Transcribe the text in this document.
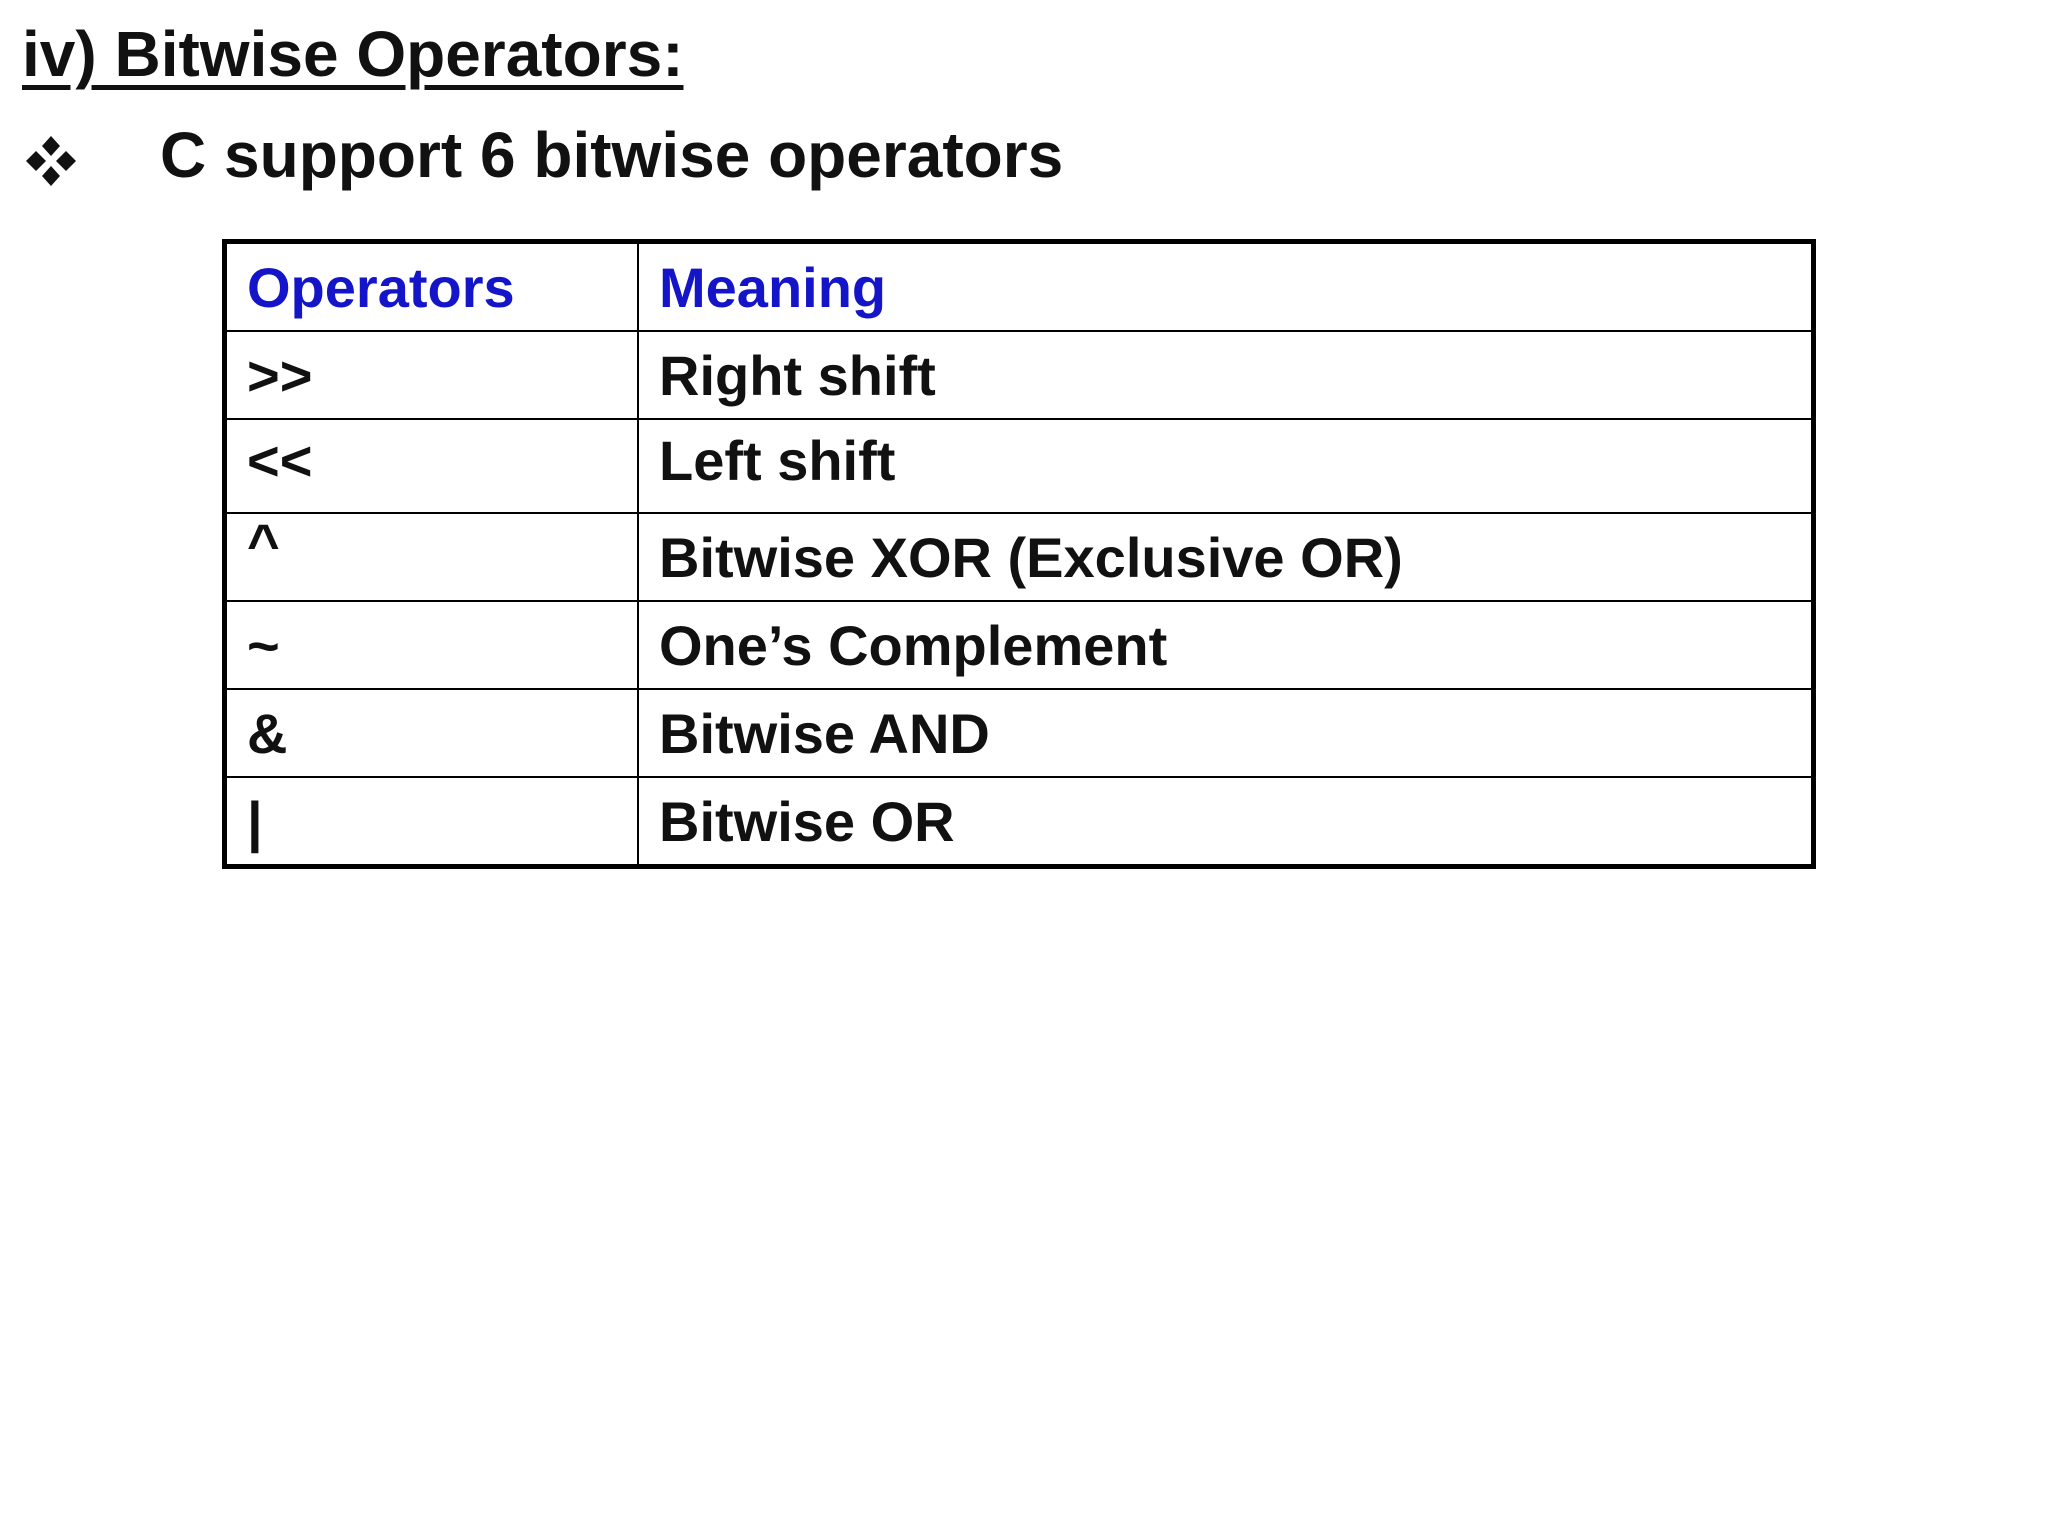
iv) Bitwise Operators:
C support 6 bitwise operators
Operators	Meaning
>>	Right shift
<<	Left shift
^	Bitwise XOR (Exclusive OR)
~	One’s Complement
&	Bitwise AND
|	Bitwise OR
